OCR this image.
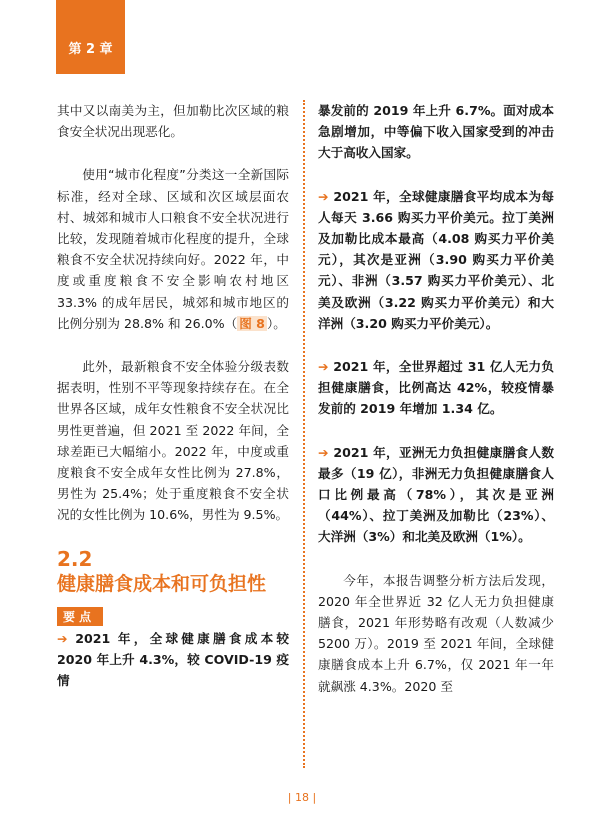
第 2 章

其中又以南美为主，但加勒比次区域的粮食安全状况出现恶化。

使用“城市化程度”分类这一全新国际标准，经对全球、区域和次区域层面农村、城郊和城市人口粮食不安全状况进行比较，发现随着城市化程度的提升，全球粮食不安全状况持续向好。2022 年，中度或重度粮食不安全影响农村地区 33.3% 的成年居民，城郊和城市地区的比例分别为 28.8% 和 26.0%（ 图 8 ）。

此外，最新粮食不安全体验分级表数据表明，性别不平等现象持续存在。在全世界各区域，成年女性粮食不安全状况比男性更普遍，但 2021 至 2022 年间，全球差距已大幅缩小。2022 年，中度或重度粮食不安全成年女性比例为 27.8%，男性为 25.4%；处于重度粮食不安全状况的女性比例为 10.6%，男性为 9.5%。

2.2
健康膳食成本和可负担性
要 点

➔ 2021 年，全球健康膳食成本较 2020 年上升 4.3%，较 COVID-19 疫情

暴发前的 2019 年上升 6.7%。面对成本急剧增加，中等偏下收入国家受到的冲击大于高收入国家。

➔ 2021 年，全球健康膳食平均成本为每人每天 3.66 购买力平价美元。拉丁美洲及加勒比成本最高（4.08 购买力平价美元），其次是亚洲（3.90 购买力平价美元）、非洲（3.57 购买力平价美元）、北美及欧洲（3.22 购买力平价美元）和大洋洲（3.20 购买力平价美元）。

➔ 2021 年，全世界超过 31 亿人无力负担健康膳食，比例高达 42%，较疫情暴发前的 2019 年增加 1.34 亿。

➔ 2021 年，亚洲无力负担健康膳食人数最多（19 亿），非洲无力负担健康膳食人口比例最高（78%），其次是亚洲（44%）、拉丁美洲及加勒比（23%）、大洋洲（3%）和北美及欧洲（1%）。

今年，本报告调整分析方法后发现，2020 年全世界近 32 亿人无力负担健康膳食，2021 年形势略有改观（人数减少 5200 万）。2019 至 2021 年间，全球健康膳食成本上升 6.7%，仅 2021 年一年就飙涨 4.3%。2020 至

| 18 |
